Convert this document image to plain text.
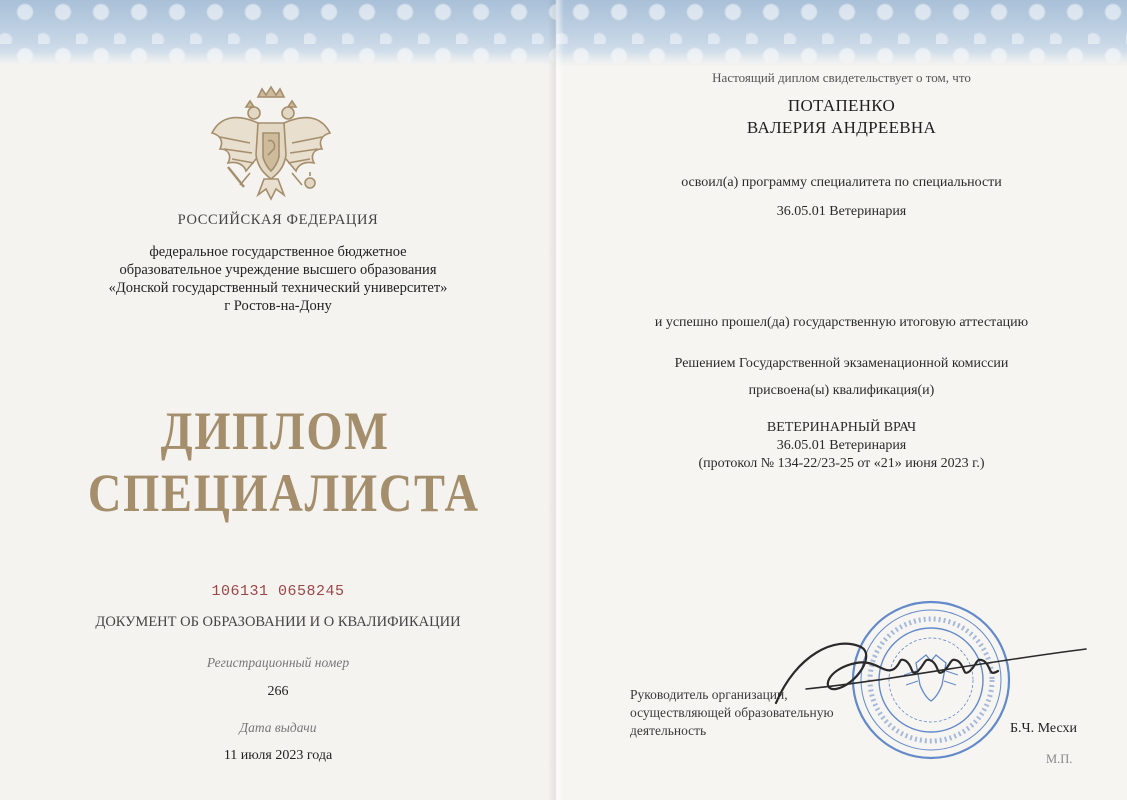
РОССИЙСКАЯ ФЕДЕРАЦИЯ

федеральное государственное бюджетное

образовательное учреждение высшего образования

«Донской государственный технический университет»

г Ростов-на-Дону

ДИПЛОМ

СПЕЦИАЛИСТА

106131 0658245

ДОКУМЕНТ ОБ ОБРАЗОВАНИИ И О КВАЛИФИКАЦИИ

Регистрационный номер

266

Дата выдачи

11 июля 2023 года

Настоящий диплом свидетельствует о том, что

ПОТАПЕНКО

ВАЛЕРИЯ АНДРЕЕВНА

освоил(а) программу специалитета по специальности

36.05.01 Ветеринария

и успешно прошел(да) государственную итоговую аттестацию

Решением Государственной экзаменационной комиссии

присвоена(ы) квалификация(и)

ВЕТЕРИНАРНЫЙ ВРАЧ

36.05.01 Ветеринария

(протокол № 134-22/23-25 от «21» июня 2023 г.)

Руководитель организации,
осуществляющей образовательную
деятельность	Б.Ч. Месхи
М.П.
